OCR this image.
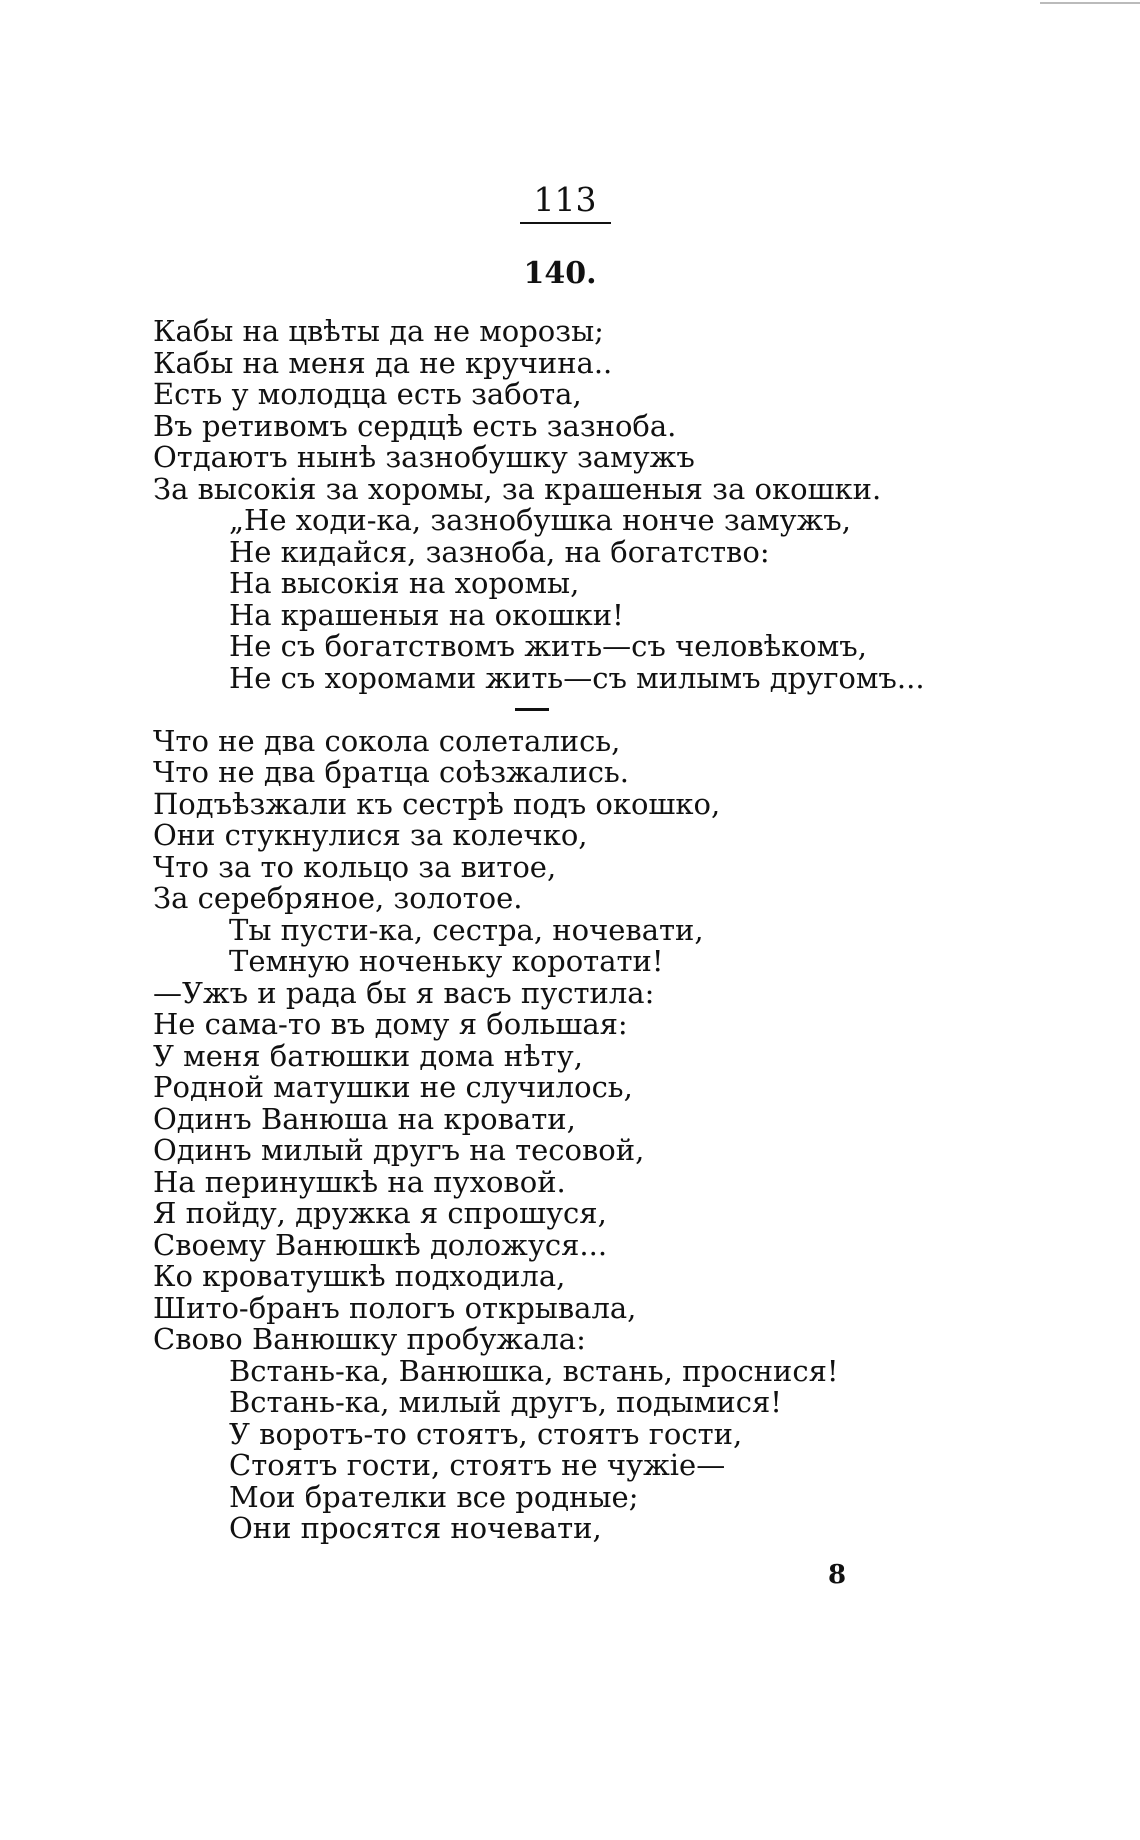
113
140.
Кабы на цвѣты да не морозы;
Кабы на меня да не кручина..
Есть у молодца есть забота,
Въ ретивомъ сердцѣ есть зазноба.
Отдаютъ нынѣ зазнобушку замужъ
За высокія за хоромы, за крашеныя за окошки.
„Не ходи-ка, зазнобушка нонче замужъ,
Не кидайся, зазноба, на богатство:
На высокія на хоромы,
На крашеныя на окошки!
Не съ богатствомъ жить—съ человѣкомъ,
Не съ хоромами жить—съ милымъ другомъ...
Что не два сокола солетались,
Что не два братца соѣзжались.
Подъѣзжали къ сестрѣ подъ окошко,
Они стукнулися за колечко,
Что за то кольцо за витое,
За серебряное, золотое.
Ты пусти-ка, сестра, ночевати,
Темную ноченьку коротати!
—Ужъ и рада бы я васъ пустила:
Не сама-то въ дому я большая:
У меня батюшки дома нѣту,
Родной матушки не случилось,
Одинъ Ванюша на кровати,
Одинъ милый другъ на тесовой,
На перинушкѣ на пуховой.
Я пойду, дружка я спрошуся,
Своему Ванюшкѣ доложуся...
Ко кроватушкѣ подходила,
Шито-бранъ пологъ открывала,
Свово Ванюшку пробужала:
Встань-ка, Ванюшка, встань, проснися!
Встань-ка, милый другъ, подымися!
У воротъ-то стоятъ, стоятъ гости,
Стоятъ гости, стоятъ не чужіе—
Мои брателки все родные;
Они просятся ночевати,
8
